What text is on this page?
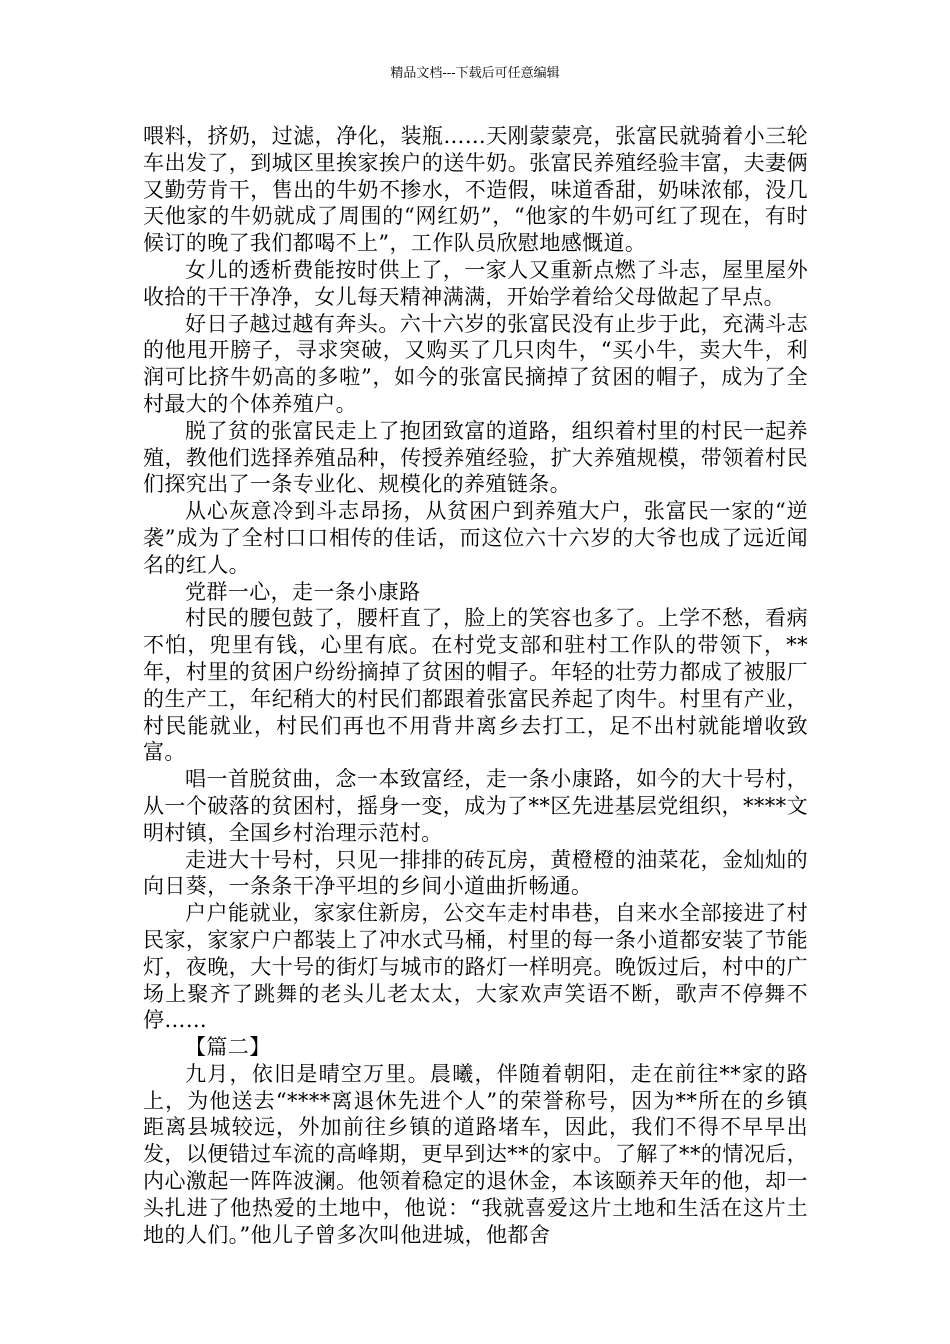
精品文档---下载后可任意编辑

喂料，挤奶，过滤，净化，装瓶……天刚蒙蒙亮，张富民就骑着小三轮车出发了，到城区里挨家挨户的送牛奶。张富民养殖经验丰富，夫妻俩又勤劳肯干，售出的牛奶不掺水，不造假，味道香甜，奶味浓郁，没几天他家的牛奶就成了周围的“网红奶”，“他家的牛奶可红了现在，有时候订的晚了我们都喝不上”，工作队员欣慰地感慨道。

女儿的透析费能按时供上了，一家人又重新点燃了斗志，屋里屋外收拾的干干净净，女儿每天精神满满，开始学着给父母做起了早点。

好日子越过越有奔头。六十六岁的张富民没有止步于此，充满斗志的他甩开膀子，寻求突破，又购买了几只肉牛，“买小牛，卖大牛，利润可比挤牛奶高的多啦”，如今的张富民摘掉了贫困的帽子，成为了全村最大的个体养殖户。

脱了贫的张富民走上了抱团致富的道路，组织着村里的村民一起养殖，教他们选择养殖品种，传授养殖经验，扩大养殖规模，带领着村民们探究出了一条专业化、规模化的养殖链条。

从心灰意冷到斗志昂扬，从贫困户到养殖大户，张富民一家的“逆袭”成为了全村口口相传的佳话，而这位六十六岁的大爷也成了远近闻名的红人。

党群一心，走一条小康路

村民的腰包鼓了，腰杆直了，脸上的笑容也多了。上学不愁，看病不怕，兜里有钱，心里有底。在村党支部和驻村工作队的带领下，**年，村里的贫困户纷纷摘掉了贫困的帽子。年轻的壮劳力都成了被服厂的生产工，年纪稍大的村民们都跟着张富民养起了肉牛。村里有产业，村民能就业，村民们再也不用背井离乡去打工，足不出村就能增收致富。

唱一首脱贫曲，念一本致富经，走一条小康路，如今的大十号村，从一个破落的贫困村，摇身一变，成为了**区先进基层党组织，****文明村镇，全国乡村治理示范村。

走进大十号村，只见一排排的砖瓦房，黄橙橙的油菜花，金灿灿的向日葵，一条条干净平坦的乡间小道曲折畅通。

户户能就业，家家住新房，公交车走村串巷，自来水全部接进了村民家，家家户户都装上了冲水式马桶，村里的每一条小道都安装了节能灯，夜晚，大十号的街灯与城市的路灯一样明亮。晚饭过后，村中的广场上聚齐了跳舞的老头儿老太太，大家欢声笑语不断，歌声不停舞不停……

【篇二】

九月，依旧是晴空万里。晨曦，伴随着朝阳，走在前往**家的路上，为他送去“****离退休先进个人”的荣誉称号，因为**所在的乡镇距离县城较远，外加前往乡镇的道路堵车，因此，我们不得不早早出发，以便错过车流的高峰期，更早到达**的家中。了解了**的情况后，内心激起一阵阵波澜。他领着稳定的退休金，本该颐养天年的他，却一头扎进了他热爱的土地中，他说：“我就喜爱这片土地和生活在这片土地的人们。”他儿子曾多次叫他进城，他都舍
